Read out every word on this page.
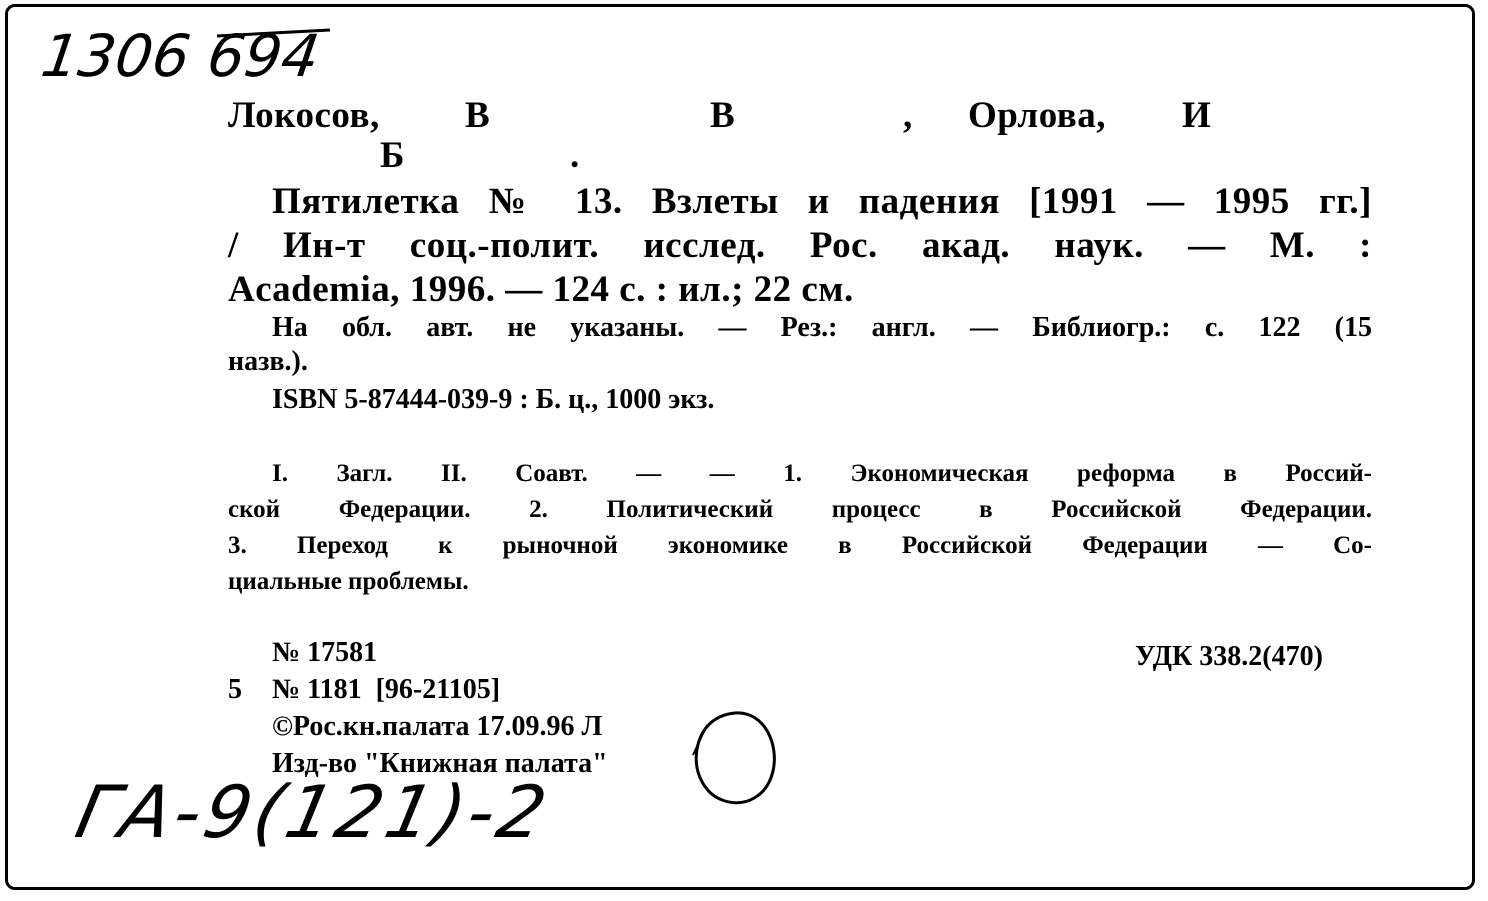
1306 694
Локосов, В	В	, Орлова, И
Б	.
Пятилетка № 13. Взлеты и падения [1991 — 1995 гг.]
/ Ин-т соц.-полит. исслед. Рос. акад. наук. — М. :
Academia, 1996. — 124 с. : ил.; 22 см.
На обл. авт. не указаны. — Рез.: англ. — Библиогр.: с. 122 (15
назв.).
ISBN 5-87444-039-9 : Б. ц., 1000 экз.
I. Загл. II. Соавт. — — 1. Экономическая реформа в Россий-
ской Федерации. 2. Политический процесс в Российской Федерации.
3. Переход к рыночной экономике в Российской Федерации — Со-
циальные проблемы.
№ 17581	УДК 338.2(470)
5 № 1181  [96-21105]
©Рос.кн.палата 17.09.96 Л
Изд-во "Книжная палата"
ГА-9(121)-2
